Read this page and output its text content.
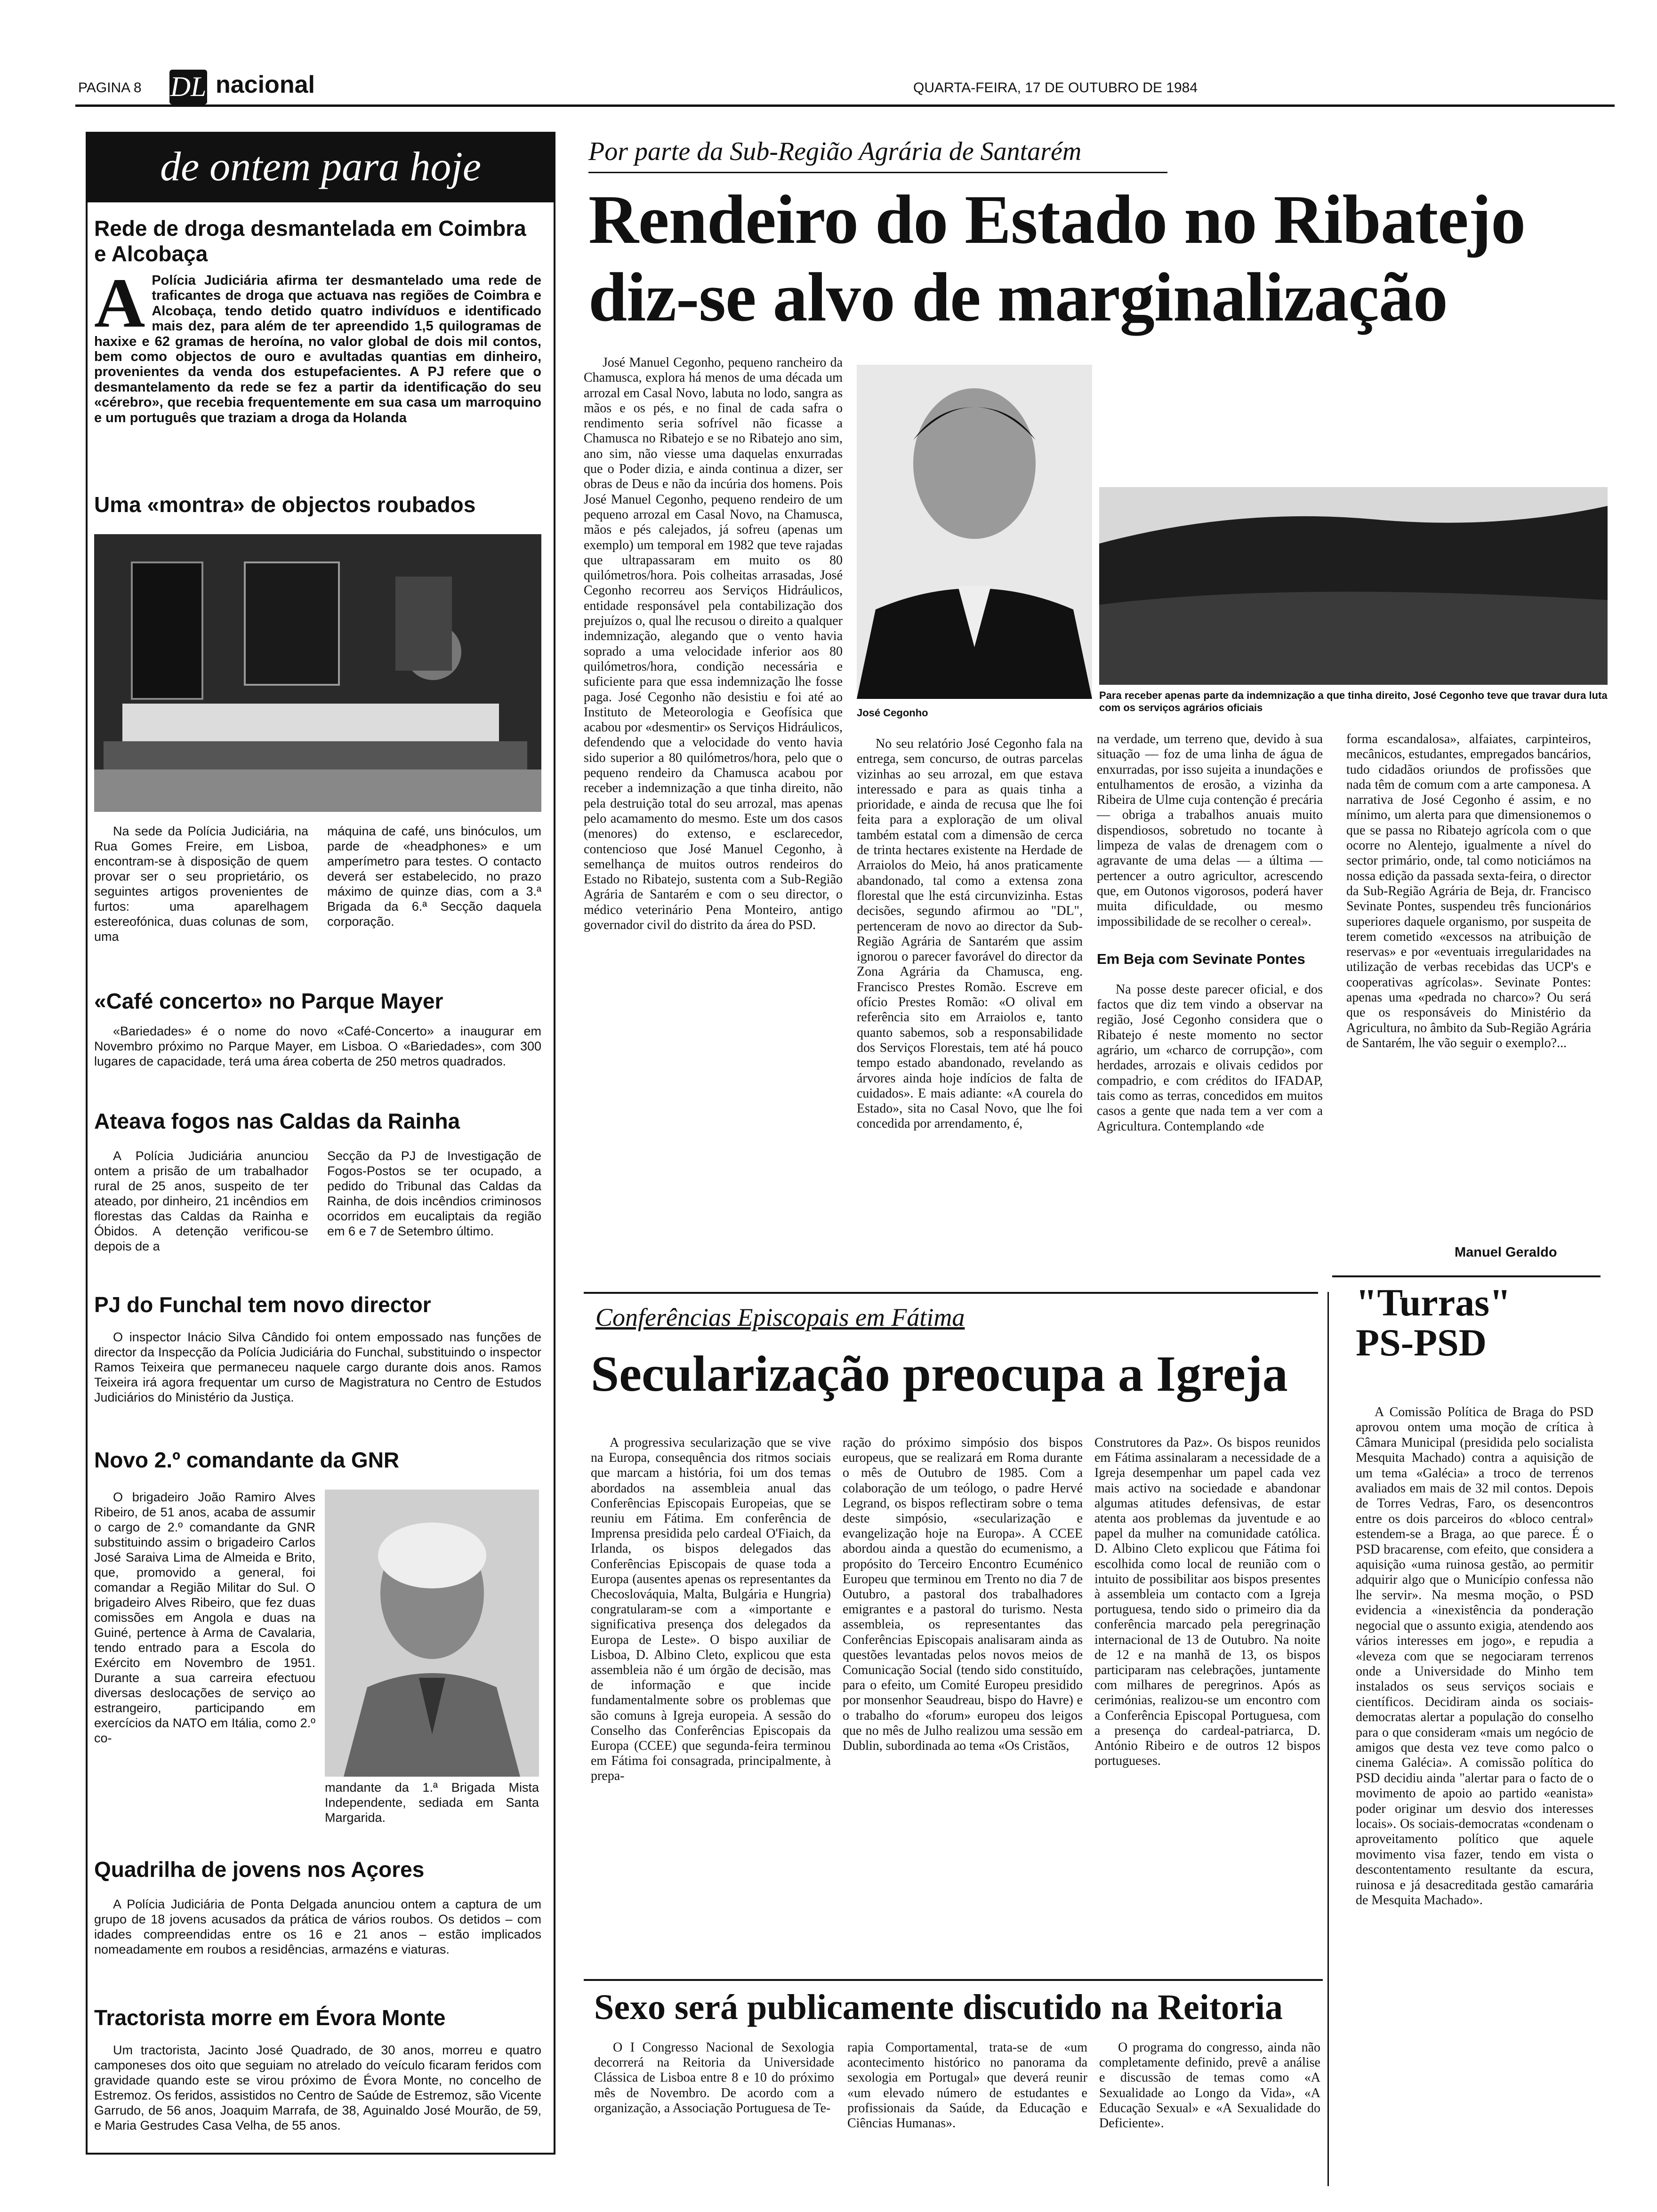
PAGINA 8 DL nacional	QUARTA-FEIRA, 17 DE OUTUBRO DE 1984
de ontem para hoje
Rede de droga desmantelada em Coimbra e Alcobaça
A Polícia Judiciária afirma ter desmantelado uma rede de traficantes de droga que actuava nas regiões de Coimbra e Alcobaça, tendo detido quatro indivíduos e identificado mais dez, para além de ter apreendido 1,5 quilogramas de haxixe e 62 gramas de heroína, no valor global de dois mil contos, bem como objectos de ouro e avultadas quantias em dinheiro, provenientes da venda dos estupefacientes. A PJ refere que o desmantelamento da rede se fez a partir da identificação do seu «cérebro», que recebia frequentemente em sua casa um marroquino e um português que traziam a droga da Holanda
Uma «montra» de objectos roubados

Na sede da Polícia Judiciária, na Rua Gomes Freire, em Lisboa, encontram-se à disposição de quem provar ser o seu proprietário, os seguintes artigos provenientes de furtos: uma aparelhagem estereofónica, duas colunas de som, uma

máquina de café, uns binóculos, um parde de «headphones» e um amperímetro para testes. O contacto deverá ser estabelecido, no prazo máximo de quinze dias, com a 3.ª Brigada da 6.ª Secção daquela corporação.

«Café concerto» no Parque Mayer

«Bariedades» é o nome do novo «Café-Concerto» a inaugurar em Novembro próximo no Parque Mayer, em Lisboa. O «Bariedades», com 300 lugares de capacidade, terá uma área coberta de 250 metros quadrados.

Ateava fogos nas Caldas da Rainha

A Polícia Judiciária anunciou ontem a prisão de um trabalhador rural de 25 anos, suspeito de ter ateado, por dinheiro, 21 incêndios em florestas das Caldas da Rainha e Óbidos. A detenção verificou-se depois de a

Secção da PJ de Investigação de Fogos-Postos se ter ocupado, a pedido do Tribunal das Caldas da Rainha, de dois incêndios criminosos ocorridos em eucaliptais da região em 6 e 7 de Setembro último.

PJ do Funchal tem novo director

O inspector Inácio Silva Cândido foi ontem empossado nas funções de director da Inspecção da Polícia Judiciária do Funchal, substituindo o inspector Ramos Teixeira que permaneceu naquele cargo durante dois anos. Ramos Teixeira irá agora frequentar um curso de Magistratura no Centro de Estudos Judiciários do Ministério da Justiça.

Novo 2.º comandante da GNR

O brigadeiro João Ramiro Alves Ribeiro, de 51 anos, acaba de assumir o cargo de 2.º comandante da GNR substituindo assim o brigadeiro Carlos José Saraiva Lima de Almeida e Brito, que, promovido a general, foi comandar a Região Militar do Sul. O brigadeiro Alves Ribeiro, que fez duas comissões em Angola e duas na Guiné, pertence à Arma de Cavalaria, tendo entrado para a Escola do Exército em Novembro de 1951. Durante a sua carreira efectuou diversas deslocações de serviço ao estrangeiro, participando em exercícios da NATO em Itália, como 2.º co-

mandante da 1.ª Brigada Mista Independente, sediada em Santa Margarida.

Quadrilha de jovens nos Açores

A Polícia Judiciária de Ponta Delgada anunciou ontem a captura de um grupo de 18 jovens acusados da prática de vários roubos. Os detidos – com idades compreendidas entre os 16 e 21 anos – estão implicados nomeadamente em roubos a residências, armazéns e viaturas.

Tractorista morre em Évora Monte

Um tractorista, Jacinto José Quadrado, de 30 anos, morreu e quatro camponeses dos oito que seguiam no atrelado do veículo ficaram feridos com gravidade quando este se virou próximo de Évora Monte, no concelho de Estremoz. Os feridos, assistidos no Centro de Saúde de Estremoz, são Vicente Garrudo, de 56 anos, Joaquim Marrafa, de 38, Aguinaldo José Mourão, de 59, e Maria Gestrudes Casa Velha, de 55 anos.

Por parte da Sub-Região Agrária de Santarém
Rendeiro do Estado no Ribatejo
diz-se alvo de marginalização

José Manuel Cegonho, pequeno rancheiro da Chamusca, explora há menos de uma década um arrozal em Casal Novo, labuta no lodo, sangra as mãos e os pés, e no final de cada safra o rendimento seria sofrível não ficasse a Chamusca no Ribatejo e se no Ribatejo ano sim, ano sim, não viesse uma daquelas enxurradas que o Poder dizia, e ainda continua a dizer, ser obras de Deus e não da incúria dos homens. Pois José Manuel Cegonho, pequeno rendeiro de um pequeno arrozal em Casal Novo, na Chamusca, mãos e pés calejados, já sofreu (apenas um exemplo) um temporal em 1982 que teve rajadas que ultrapassaram em muito os 80 quilómetros/hora. Pois colheitas arrasadas, José Cegonho recorreu aos Serviços Hidráulicos, entidade responsável pela contabilização dos prejuízos o, qual lhe recusou o direito a qualquer indemnização, alegando que o vento havia soprado a uma velocidade inferior aos 80 quilómetros/hora, condição necessária e suficiente para que essa indemnização lhe fosse paga. José Cegonho não desistiu e foi até ao Instituto de Meteorologia e Geofísica que acabou por «desmentir» os Serviços Hidráulicos, defendendo que a velocidade do vento havia sido superior a 80 quilómetros/hora, pelo que o pequeno rendeiro da Chamusca acabou por receber a indemnização a que tinha direito, não pela destruição total do seu arrozal, mas apenas pelo acamamento do mesmo. Este um dos casos (menores) do extenso, e esclarecedor, contencioso que José Manuel Cegonho, à semelhança de muitos outros rendeiros do Estado no Ribatejo, sustenta com a Sub-Região Agrária de Santarém e com o seu director, o médico veterinário Pena Monteiro, antigo governador civil do distrito da área do PSD.

José Cegonho
Para receber apenas parte da indemnização a que tinha direito, José Cegonho teve que travar dura luta com os serviços agrários oficiais

No seu relatório José Cegonho fala na entrega, sem concurso, de outras parcelas vizinhas ao seu arrozal, em que estava interessado e para as quais tinha a prioridade, e ainda de recusa que lhe foi feita para a exploração de um olival também estatal com a dimensão de cerca de trinta hectares existente na Herdade de Arraiolos do Meio, há anos praticamente abandonado, tal como a extensa zona florestal que lhe está circunvizinha. Estas decisões, segundo afirmou ao "DL", pertenceram de novo ao director da Sub-Região Agrária de Santarém que assim ignorou o parecer favorável do director da Zona Agrária da Chamusca, eng. Francisco Prestes Romão. Escreve em ofício Prestes Romão: «O olival em referência sito em Arraiolos e, tanto quanto sabemos, sob a responsabilidade dos Serviços Florestais, tem até há pouco tempo estado abandonado, revelando as árvores ainda hoje indícios de falta de cuidados». E mais adiante: «A courela do Estado», sita no Casal Novo, que lhe foi concedida por arrendamento, é,

na verdade, um terreno que, devido à sua situação — foz de uma linha de água de enxurradas, por isso sujeita a inundações e entulhamentos de erosão, a vizinha da Ribeira de Ulme cuja contenção é precária — obriga a trabalhos anuais muito dispendiosos, sobretudo no tocante à limpeza de valas de drenagem com o agravante de uma delas — a última — pertencer a outro agricultor, acrescendo que, em Outonos vigorosos, poderá haver muita dificuldade, ou mesmo impossibilidade de se recolher o cereal».

Em Beja com Sevinate Pontes

Na posse deste parecer oficial, e dos factos que diz tem vindo a observar na região, José Cegonho considera que o Ribatejo é neste momento no sector agrário, um «charco de corrupção», com herdades, arrozais e olivais cedidos por compadrio, e com créditos do IFADAP, tais como as terras, concedidos em muitos casos a gente que nada tem a ver com a Agricultura. Contemplando «de

forma escandalosa», alfaiates, carpinteiros, mecânicos, estudantes, empregados bancários, tudo cidadãos oriundos de profissões que nada têm de comum com a arte camponesa. A narrativa de José Cegonho é assim, e no mínimo, um alerta para que dimensionemos o que se passa no Ribatejo agrícola com o que ocorre no Alentejo, igualmente a nível do sector primário, onde, tal como noticiámos na nossa edição da passada sexta-feira, o director da Sub-Região Agrária de Beja, dr. Francisco Sevinate Pontes, suspendeu três funcionários superiores daquele organismo, por suspeita de terem cometido «excessos na atribuição de reservas» e por «eventuais irregularidades na utilização de verbas recebidas das UCP's e cooperativas agrícolas». Sevinate Pontes: apenas uma «pedrada no charco»? Ou será que os responsáveis do Ministério da Agricultura, no âmbito da Sub-Região Agrária de Santarém, lhe vão seguir o exemplo?...

Manuel Geraldo
Conferências Episcopais em Fátima
Secularização preocupa a Igreja

A progressiva secularização que se vive na Europa, consequência dos ritmos sociais que marcam a história, foi um dos temas abordados na assembleia anual das Conferências Episcopais Europeias, que se reuniu em Fátima. Em conferência de Imprensa presidida pelo cardeal O'Fiaich, da Irlanda, os bispos delegados das Conferências Episcopais de quase toda a Europa (ausentes apenas os representantes da Checoslováquia, Malta, Bulgária e Hungria) congratularam-se com a «importante e significativa presença dos delegados da Europa de Leste». O bispo auxiliar de Lisboa, D. Albino Cleto, explicou que esta assembleia não é um órgão de decisão, mas de informação e que incide fundamentalmente sobre os problemas que são comuns à Igreja europeia. A sessão do Conselho das Conferências Episcopais da Europa (CCEE) que segunda-feira terminou em Fátima foi consagrada, principalmente, à prepa-

ração do próximo simpósio dos bispos europeus, que se realizará em Roma durante o mês de Outubro de 1985. Com a colaboração de um teólogo, o padre Hervé Legrand, os bispos reflectiram sobre o tema deste simpósio, «secularização e evangelização hoje na Europa». A CCEE abordou ainda a questão do ecumenismo, a propósito do Terceiro Encontro Ecuménico Europeu que terminou em Trento no dia 7 de Outubro, a pastoral dos trabalhadores emigrantes e a pastoral do turismo. Nesta assembleia, os representantes das Conferências Episcopais analisaram ainda as questões levantadas pelos novos meios de Comunicação Social (tendo sido constituído, para o efeito, um Comité Europeu presidido por monsenhor Seaudreau, bispo do Havre) e o trabalho do «forum» europeu dos leigos que no mês de Julho realizou uma sessão em Dublin, subordinada ao tema «Os Cristãos,

Construtores da Paz». Os bispos reunidos em Fátima assinalaram a necessidade de a Igreja desempenhar um papel cada vez mais activo na sociedade e abandonar algumas atitudes defensivas, de estar atenta aos problemas da juventude e ao papel da mulher na comunidade católica. D. Albino Cleto explicou que Fátima foi escolhida como local de reunião com o intuito de possibilitar aos bispos presentes à assembleia um contacto com a Igreja portuguesa, tendo sido o primeiro dia da conferência marcado pela peregrinação internacional de 13 de Outubro. Na noite de 12 e na manhã de 13, os bispos participaram nas celebrações, juntamente com milhares de peregrinos. Após as cerimónias, realizou-se um encontro com a Conferência Episcopal Portuguesa, com a presença do cardeal-patriarca, D. António Ribeiro e de outros 12 bispos portugueses.

"Turras"
PS-PSD

A Comissão Política de Braga do PSD aprovou ontem uma moção de crítica à Câmara Municipal (presidida pelo socialista Mesquita Machado) contra a aquisição de um tema «Galécia» a troco de terrenos avaliados em mais de 32 mil contos. Depois de Torres Vedras, Faro, os desencontros entre os dois parceiros do «bloco central» estendem-se a Braga, ao que parece. É o PSD bracarense, com efeito, que considera a aquisição «uma ruinosa gestão, ao permitir adquirir algo que o Município confessa não lhe servir». Na mesma moção, o PSD evidencia a «inexistência da ponderação negocial que o assunto exigia, atendendo aos vários interesses em jogo», e repudia a «leveza com que se negociaram terrenos onde a Universidade do Minho tem instalados os seus serviços sociais e científicos. Decidiram ainda os sociais-democratas alertar a população do conselho para o que consideram «mais um negócio de amigos que desta vez teve como palco o cinema Galécia». A comissão política do PSD decidiu ainda "alertar para o facto de o movimento de apoio ao partido «eanista» poder originar um desvio dos interesses locais». Os sociais-democratas «condenam o aproveitamento político que aquele movimento visa fazer, tendo em vista o descontentamento resultante da escura, ruinosa e já desacreditada gestão camarária de Mesquita Machado».

Sexo será publicamente discutido na Reitoria

O I Congresso Nacional de Sexologia decorrerá na Reitoria da Universidade Clássica de Lisboa entre 8 e 10 do próximo mês de Novembro. De acordo com a organização, a Associação Portuguesa de Te-

rapia Comportamental, trata-se de «um acontecimento histórico no panorama da sexologia em Portugal» que deverá reunir «um elevado número de estudantes e profissionais da Saúde, da Educação e Ciências Humanas».

O programa do congresso, ainda não completamente definido, prevê a análise e discussão de temas como «A Sexualidade ao Longo da Vida», «A Educação Sexual» e «A Sexualidade do Deficiente».
